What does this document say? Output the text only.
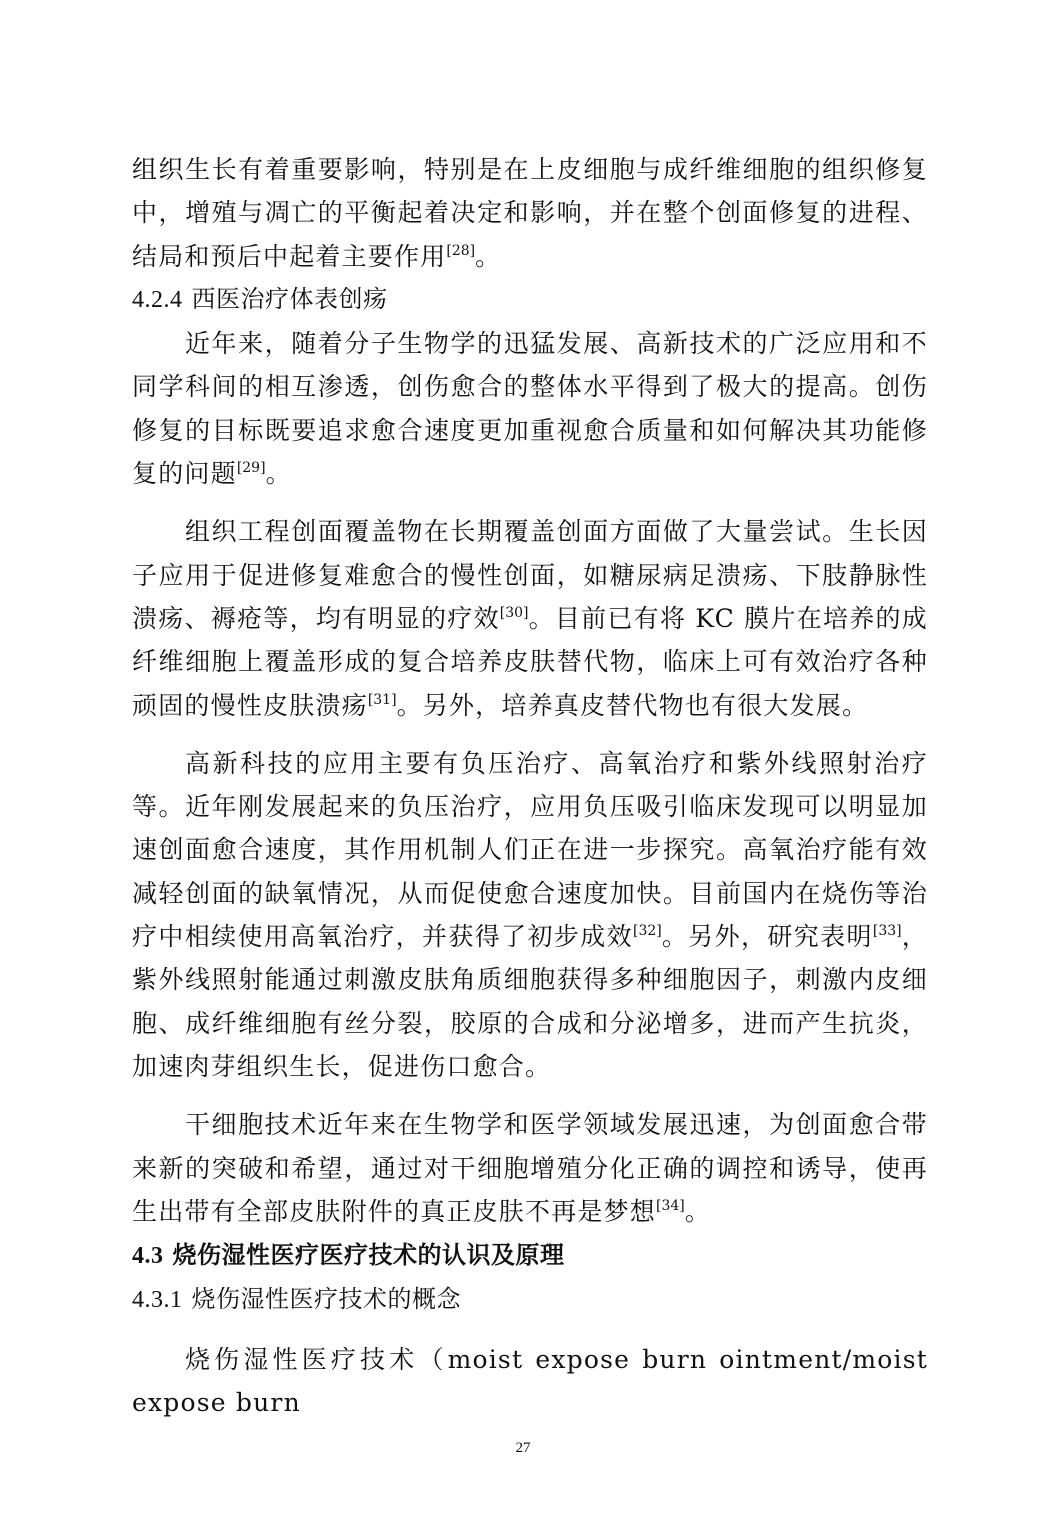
组织生长有着重要影响，特别是在上皮细胞与成纤维细胞的组织修复中，增殖与凋亡的平衡起着决定和影响，并在整个创面修复的进程、结局和预后中起着主要作用[28]。

4.2.4 西医治疗体表创疡

近年来，随着分子生物学的迅猛发展、高新技术的广泛应用和不同学科间的相互渗透，创伤愈合的整体水平得到了极大的提高。创伤修复的目标既要追求愈合速度更加重视愈合质量和如何解决其功能修复的问题[29]。

组织工程创面覆盖物在长期覆盖创面方面做了大量尝试。生长因子应用于促进修复难愈合的慢性创面，如糖尿病足溃疡、下肢静脉性溃疡、褥疮等，均有明显的疗效[30]。目前已有将 KC 膜片在培养的成纤维细胞上覆盖形成的复合培养皮肤替代物，临床上可有效治疗各种顽固的慢性皮肤溃疡[31]。另外，培养真皮替代物也有很大发展。

高新科技的应用主要有负压治疗、高氧治疗和紫外线照射治疗等。近年刚发展起来的负压治疗，应用负压吸引临床发现可以明显加速创面愈合速度，其作用机制人们正在进一步探究。高氧治疗能有效减轻创面的缺氧情况，从而促使愈合速度加快。目前国内在烧伤等治疗中相续使用高氧治疗，并获得了初步成效[32]。另外，研究表明[33]，紫外线照射能通过刺激皮肤角质细胞获得多种细胞因子，刺激内皮细胞、成纤维细胞有丝分裂，胶原的合成和分泌增多，进而产生抗炎，加速肉芽组织生长，促进伤口愈合。

干细胞技术近年来在生物学和医学领域发展迅速，为创面愈合带来新的突破和希望，通过对干细胞增殖分化正确的调控和诱导，使再生出带有全部皮肤附件的真正皮肤不再是梦想[34]。

4.3 烧伤湿性医疗医疗技术的认识及原理
4.3.1 烧伤湿性医疗技术的概念

烧伤湿性医疗技术（moist expose burn ointment/moist expose burn

27
